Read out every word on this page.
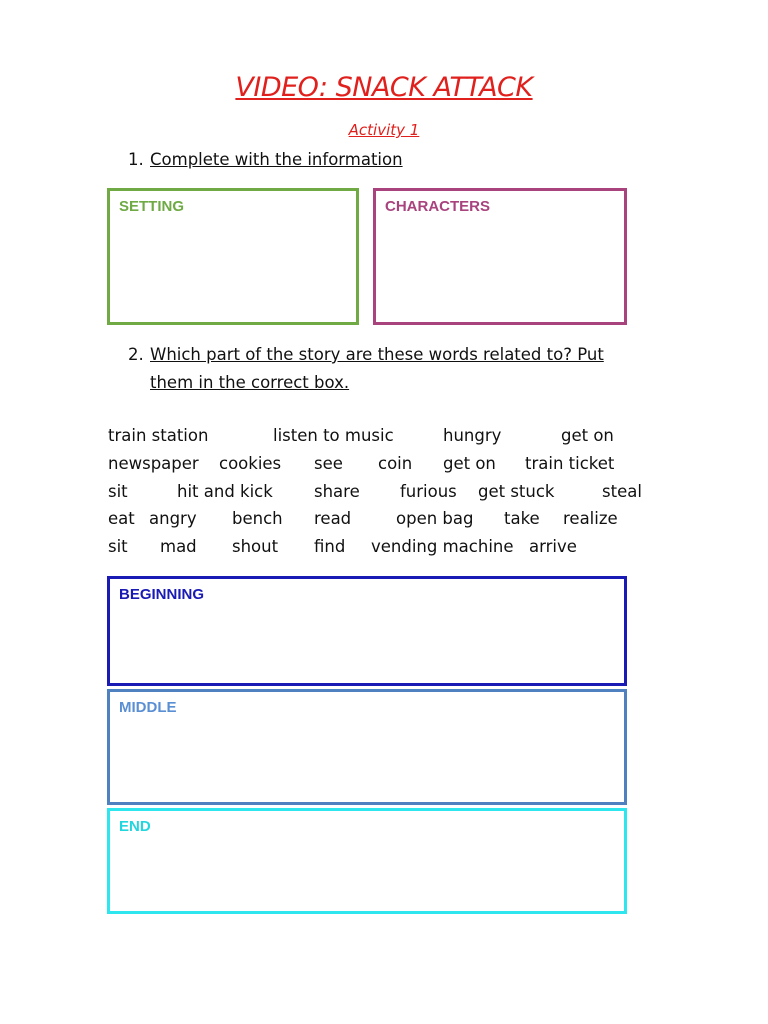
VIDEO: SNACK ATTACK
Activity 1
1. Complete with the information
SETTING	CHARACTERS
2. Which part of the story are these words related to? Put
them in the correct box.
train station	listen to music	hungry	get on
newspaper cookies see coin get on train ticket
sit	hit and kick share furious get stuck	steal
eat angry bench read	open bag take realize
sit mad shout find vending machine arrive
BEGINNING
MIDDLE
END
